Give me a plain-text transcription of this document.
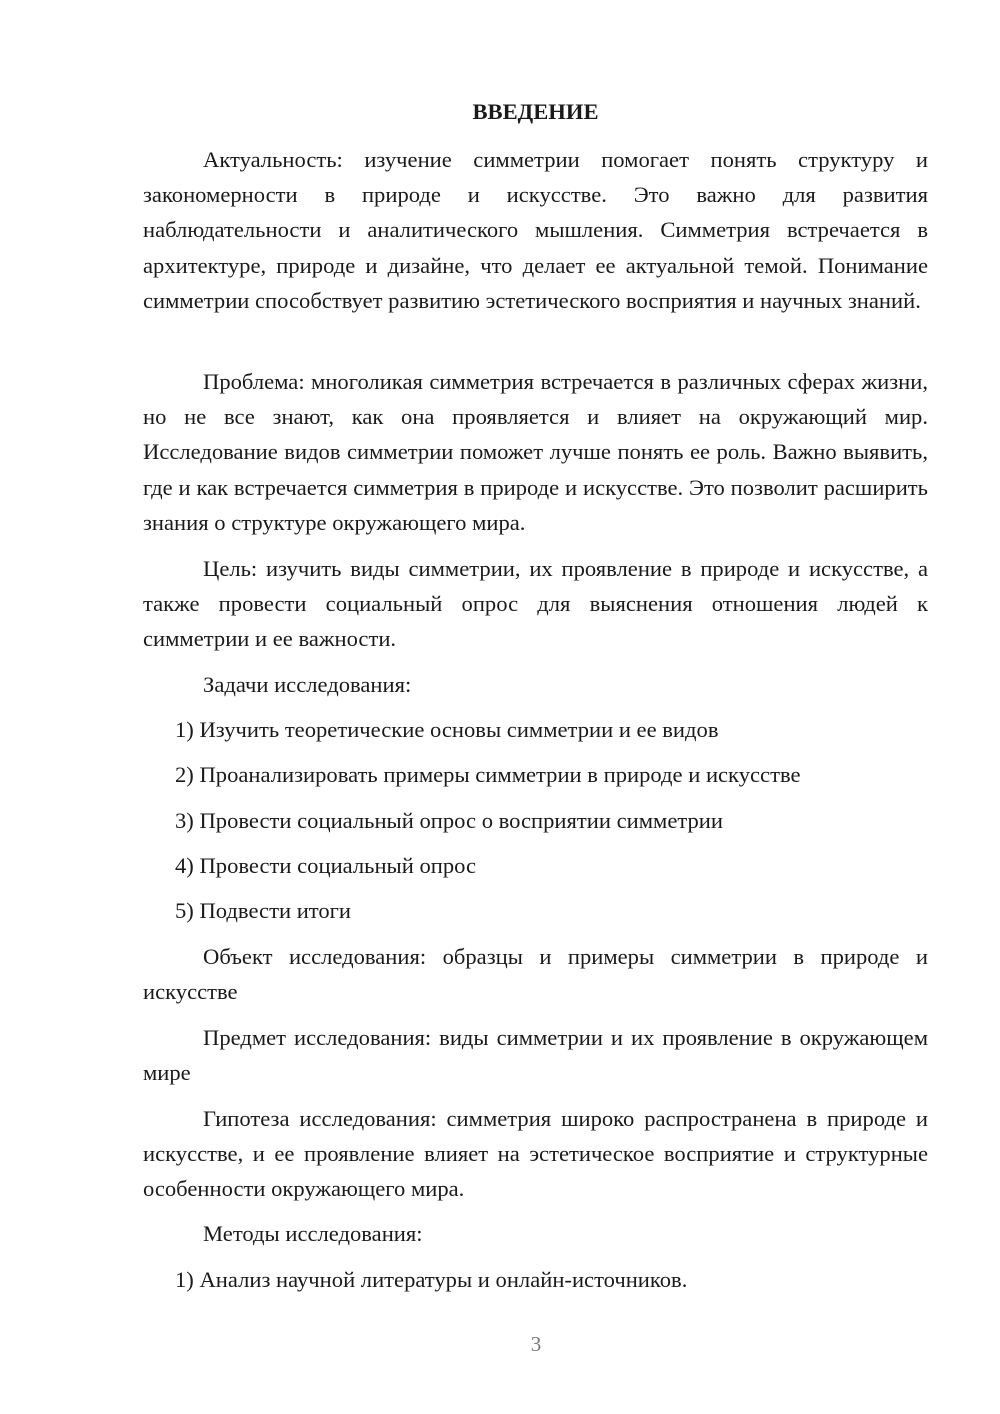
ВВЕДЕНИЕ

Актуальность: изучение симметрии помогает понять структуру и закономерности в природе и искусстве. Это важно для развития наблюдательности и аналитического мышления. Симметрия встречается в архитектуре, природе и дизайне, что делает ее актуальной темой. Понимание симметрии способствует развитию эстетического восприятия и научных знаний.

Проблема: многоликая симметрия встречается в различных сферах жизни, но не все знают, как она проявляется и влияет на окружающий мир. Исследование видов симметрии поможет лучше понять ее роль. Важно выявить, где и как встречается симметрия в природе и искусстве. Это позволит расширить знания о структуре окружающего мира.

Цель: изучить виды симметрии, их проявление в природе и искусстве, а также провести социальный опрос для выяснения отношения людей к симметрии и ее важности.

Задачи исследования:

1) Изучить теоретические основы симметрии и ее видов

2) Проанализировать примеры симметрии в природе и искусстве

3) Провести социальный опрос о восприятии симметрии

4) Провести социальный опрос

5) Подвести итоги

Объект исследования: образцы и примеры симметрии в природе и искусстве

Предмет исследования: виды симметрии и их проявление в окружающем мире

Гипотеза исследования: симметрия широко распространена в природе и искусстве, и ее проявление влияет на эстетическое восприятие и структурные особенности окружающего мира.

Методы исследования:

1) Анализ научной литературы и онлайн-источников.

3
